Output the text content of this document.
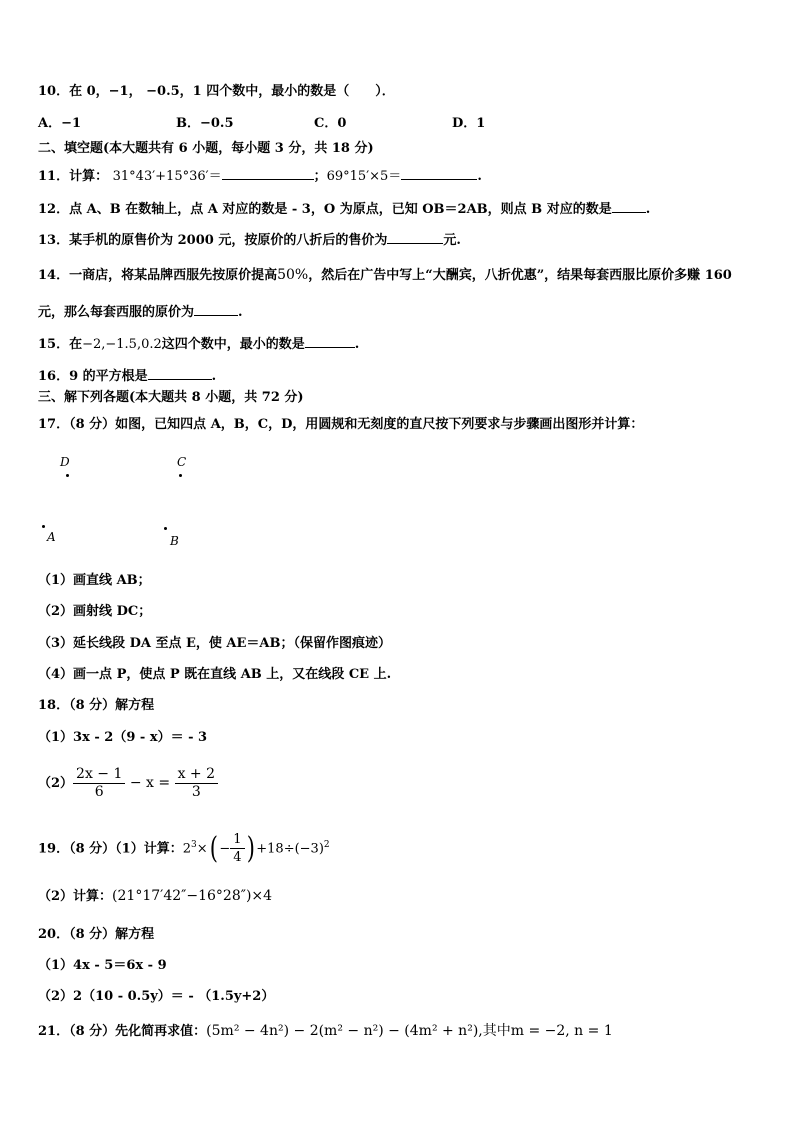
10．在 0，−1， −0.5，1 四个数中，最小的数是（　　）．
A．−1	B．−0.5	C．0	D．1
二、填空题(本大题共有 6 小题，每小题 3 分，共 18 分)
11．计算： 31°43′+15°36′＝	；69°15′×5＝	.
12．点 A、B 在数轴上，点 A 对应的数是 - 3，O 为原点，已知 OB＝2AB，则点 B 对应的数是	.
13．某手机的原售价为 2000 元，按原价的八折后的售价为	元.
14．一商店，将某品牌西服先按原价提高50%，然后在广告中写上“大酬宾，八折优惠”，结果每套西服比原价多赚 160
元，那么每套西服的原价为	.
15．在−2,−1.5,0.2这四个数中，最小的数是	.
16．9 的平方根是	.
三、解下列各题(本大题共 8 小题，共 72 分)
17．（8 分）如图，已知四点 A，B，C，D，用圆规和无刻度的直尺按下列要求与步骤画出图形并计算：
D	C
A	B
（1）画直线 AB；
（2）画射线 DC；
（3）延长线段 DA 至点 E，使 AE＝AB；（保留作图痕迹）
（4）画一点 P，使点 P 既在直线 AB 上，又在线段 CE 上.
18．（8 分）解方程
（1）3x - 2（9 - x）＝ - 3
$(2) \frac{2x - 1}{6} - x = \frac{x + 2}{3}$
19．（8 分）（1）计算：$2^3\times( - \frac{1}{4}$ ) $+18\div(-3)^2$
（2）计算：(21°17′42″−16°28″)×4
20．（8 分）解方程
（1）4x - 5＝6x - 9
（2）2（10 - 0.5y）＝ - （1.5y+2）
21．（8 分）先化简再求值：(5m² − 4n²) − 2(m² − n²) − (4m² + n²),其中m = −2, n = 1
